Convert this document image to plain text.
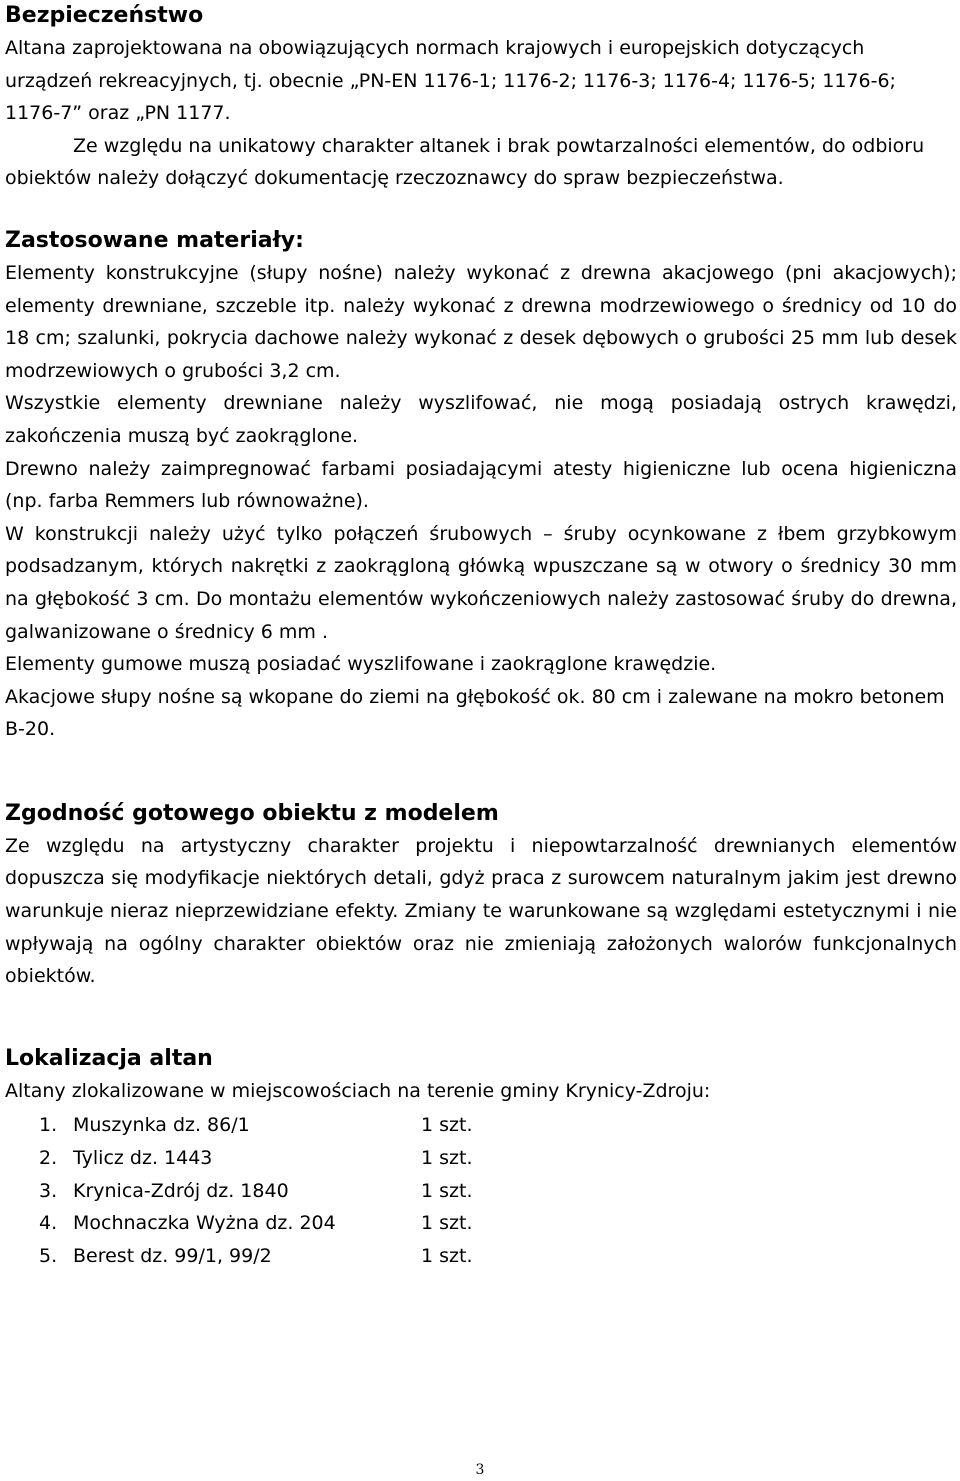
Bezpieczeństwo

Altana zaprojektowana na obowiązujących normach krajowych i europejskich dotyczących urządzeń rekreacyjnych, tj. obecnie „PN-EN 1176-1; 1176-2; 1176-3; 1176-4; 1176-5; 1176-6; 1176-7” oraz „PN 1177.

Ze względu na unikatowy charakter altanek i brak powtarzalności elementów, do odbioru obiektów należy dołączyć dokumentację rzeczoznawcy do spraw bezpieczeństwa.

Zastosowane materiały:

Elementy konstrukcyjne (słupy nośne) należy wykonać z drewna akacjowego (pni akacjowych); elementy drewniane, szczeble itp. należy wykonać z drewna modrzewiowego o średnicy od 10 do 18 cm; szalunki, pokrycia dachowe należy wykonać z desek dębowych o grubości 25 mm lub desek modrzewiowych o grubości 3,2 cm.

Wszystkie elementy drewniane należy wyszlifować, nie mogą posiadają ostrych krawędzi, zakończenia muszą być zaokrąglone.

Drewno należy zaimpregnować farbami posiadającymi atesty higieniczne lub ocena higieniczna (np. farba Remmers lub równoważne).

W konstrukcji należy użyć tylko połączeń śrubowych – śruby ocynkowane z łbem grzybkowym podsadzanym, których nakrętki z zaokrągloną główką wpuszczane są w otwory o średnicy 30 mm na głębokość 3 cm. Do montażu elementów wykończeniowych należy zastosować śruby do drewna, galwanizowane o średnicy 6 mm .

Elementy gumowe muszą posiadać wyszlifowane i zaokrąglone krawędzie.

Akacjowe słupy nośne są wkopane do ziemi na głębokość ok. 80 cm i zalewane na mokro betonem B-20.

Zgodność gotowego obiektu z modelem

Ze względu na artystyczny charakter projektu i niepowtarzalność drewnianych elementów dopuszcza się modyfikacje niektórych detali, gdyż praca z surowcem naturalnym jakim jest drewno warunkuje nieraz nieprzewidziane efekty. Zmiany te warunkowane są względami estetycznymi i nie wpływają na ogólny charakter obiektów oraz nie zmieniają założonych walorów funkcjonalnych obiektów.

Lokalizacja altan

Altany zlokalizowane w miejscowościach na terenie gminy Krynicy-Zdroju:

1.	Muszynka dz. 86/1	1 szt.
2.	Tylicz dz. 1443	1 szt.
3.	Krynica-Zdrój dz. 1840	1 szt.
4.	Mochnaczka Wyżna dz. 204	1 szt.
5.	Berest dz. 99/1, 99/2	1 szt.
3
